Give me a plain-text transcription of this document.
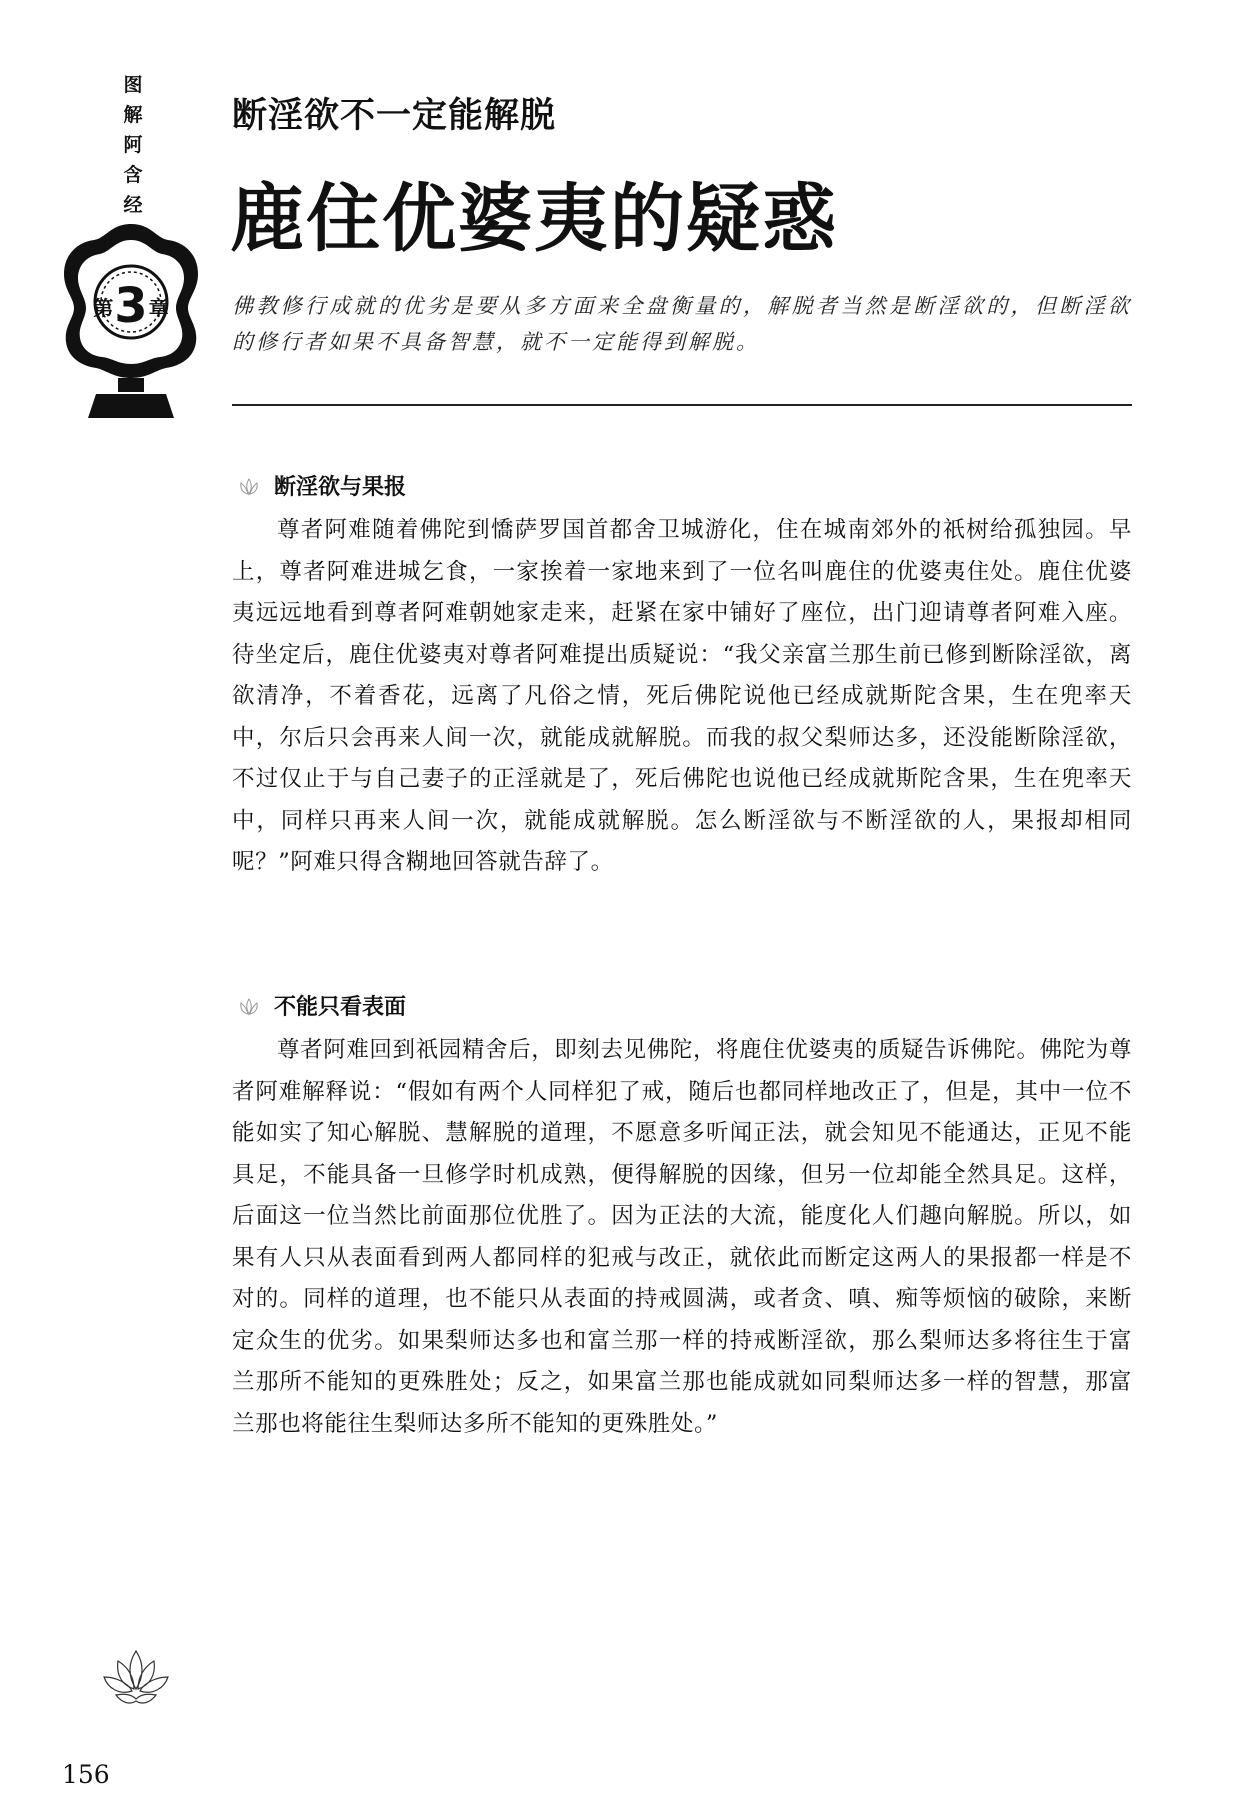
图
解
阿
含
经
第 3 章
断淫欲不一定能解脱
鹿住优婆夷的疑惑
佛教修行成就的优劣是要从多方面来全盘衡量的，解脱者当然是断淫欲的，但断淫欲的修行者如果不具备智慧，就不一定能得到解脱。
断淫欲与果报

尊者阿难随着佛陀到憍萨罗国首都舍卫城游化，住在城南郊外的祇树给孤独园。早上，尊者阿难进城乞食，一家挨着一家地来到了一位名叫鹿住的优婆夷住处。鹿住优婆夷远远地看到尊者阿难朝她家走来，赶紧在家中铺好了座位，出门迎请尊者阿难入座。待坐定后，鹿住优婆夷对尊者阿难提出质疑说：“我父亲富兰那生前已修到断除淫欲，离欲清净，不着香花，远离了凡俗之情，死后佛陀说他已经成就斯陀含果，生在兜率天中，尔后只会再来人间一次，就能成就解脱。而我的叔父梨师达多，还没能断除淫欲，不过仅止于与自己妻子的正淫就是了，死后佛陀也说他已经成就斯陀含果，生在兜率天中，同样只再来人间一次，就能成就解脱。怎么断淫欲与不断淫欲的人，果报却相同呢？”阿难只得含糊地回答就告辞了。

不能只看表面

尊者阿难回到祇园精舍后，即刻去见佛陀，将鹿住优婆夷的质疑告诉佛陀。佛陀为尊者阿难解释说：“假如有两个人同样犯了戒，随后也都同样地改正了，但是，其中一位不能如实了知心解脱、慧解脱的道理，不愿意多听闻正法，就会知见不能通达，正见不能具足，不能具备一旦修学时机成熟，便得解脱的因缘，但另一位却能全然具足。这样，后面这一位当然比前面那位优胜了。因为正法的大流，能度化人们趣向解脱。所以，如果有人只从表面看到两人都同样的犯戒与改正，就依此而断定这两人的果报都一样是不对的。同样的道理，也不能只从表面的持戒圆满，或者贪、嗔、痴等烦恼的破除，来断定众生的优劣。如果梨师达多也和富兰那一样的持戒断淫欲，那么梨师达多将往生于富兰那所不能知的更殊胜处；反之，如果富兰那也能成就如同梨师达多一样的智慧，那富兰那也将能往生梨师达多所不能知的更殊胜处。”

156
